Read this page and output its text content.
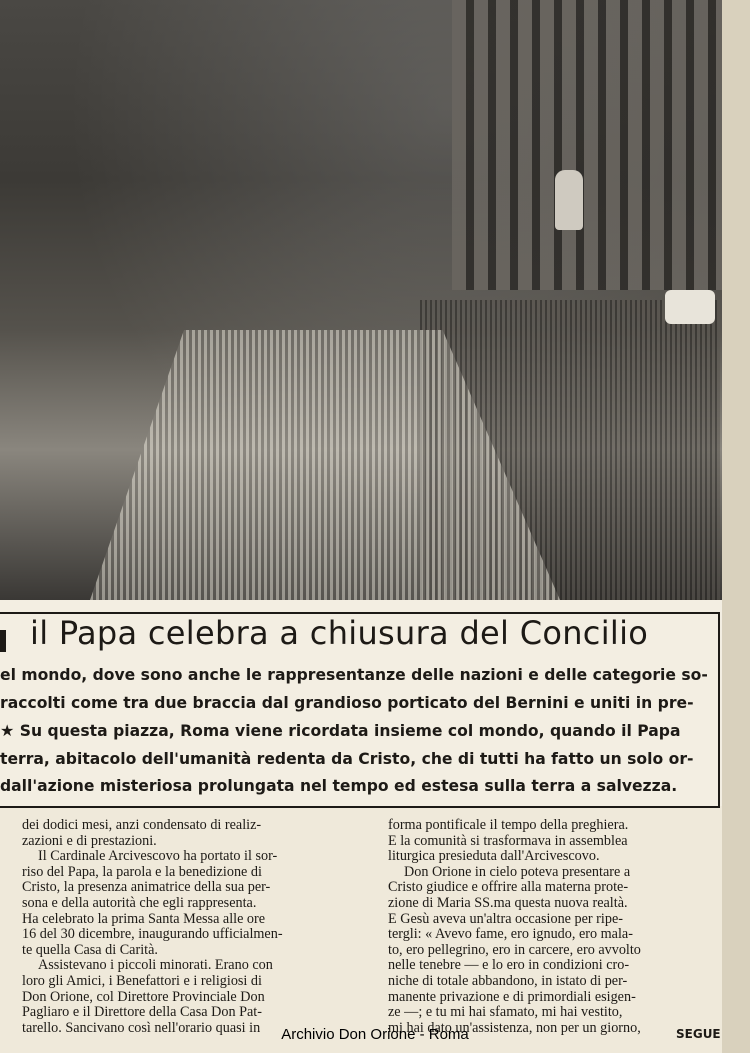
il Papa celebra a chiusura del Concilio
el mondo, dove sono anche le rappresentanze delle nazioni e delle categorie so-
raccolti come tra due braccia dal grandioso porticato del Bernini e uniti in pre-
★ Su questa piazza, Roma viene ricordata insieme col mondo, quando il Papa
terra, abitacolo dell'umanità redenta da Cristo, che di tutti ha fatto un solo or-
dall'azione misteriosa prolungata nel tempo ed estesa sulla terra a salvezza.

dei dodici mesi, anzi condensato di realiz-

zazioni e di prestazioni.

Il Cardinale Arcivescovo ha portato il sor-

riso del Papa, la parola e la benedizione di

Cristo, la presenza animatrice della sua per-

sona e della autorità che egli rappresenta.

Ha celebrato la prima Santa Messa alle ore

16 del 30 dicembre, inaugurando ufficialmen-

te quella Casa di Carità.

Assistevano i piccoli minorati. Erano con

loro gli Amici, i Benefattori e i religiosi di

Don Orione, col Direttore Provinciale Don

Pagliaro e il Direttore della Casa Don Pat-

tarello. Sancivano così nell'orario quasi in

forma pontificale il tempo della preghiera.

E la comunità si trasformava in assemblea

liturgica presieduta dall'Arcivescovo.

Don Orione in cielo poteva presentare a

Cristo giudice e offrire alla materna prote-

zione di Maria SS.ma questa nuova realtà.

E Gesù aveva un'altra occasione per ripe-

tergli: « Avevo fame, ero ignudo, ero mala-

to, ero pellegrino, ero in carcere, ero avvolto

nelle tenebre — e lo ero in condizioni cro-

niche di totale abbandono, in istato di per-

manente privazione e di primordiali esigen-

ze —; e tu mi hai sfamato, mi hai vestito,

mi hai dato un'assistenza, non per un giorno,	SEGUE
Archivio Don Orione - Roma
